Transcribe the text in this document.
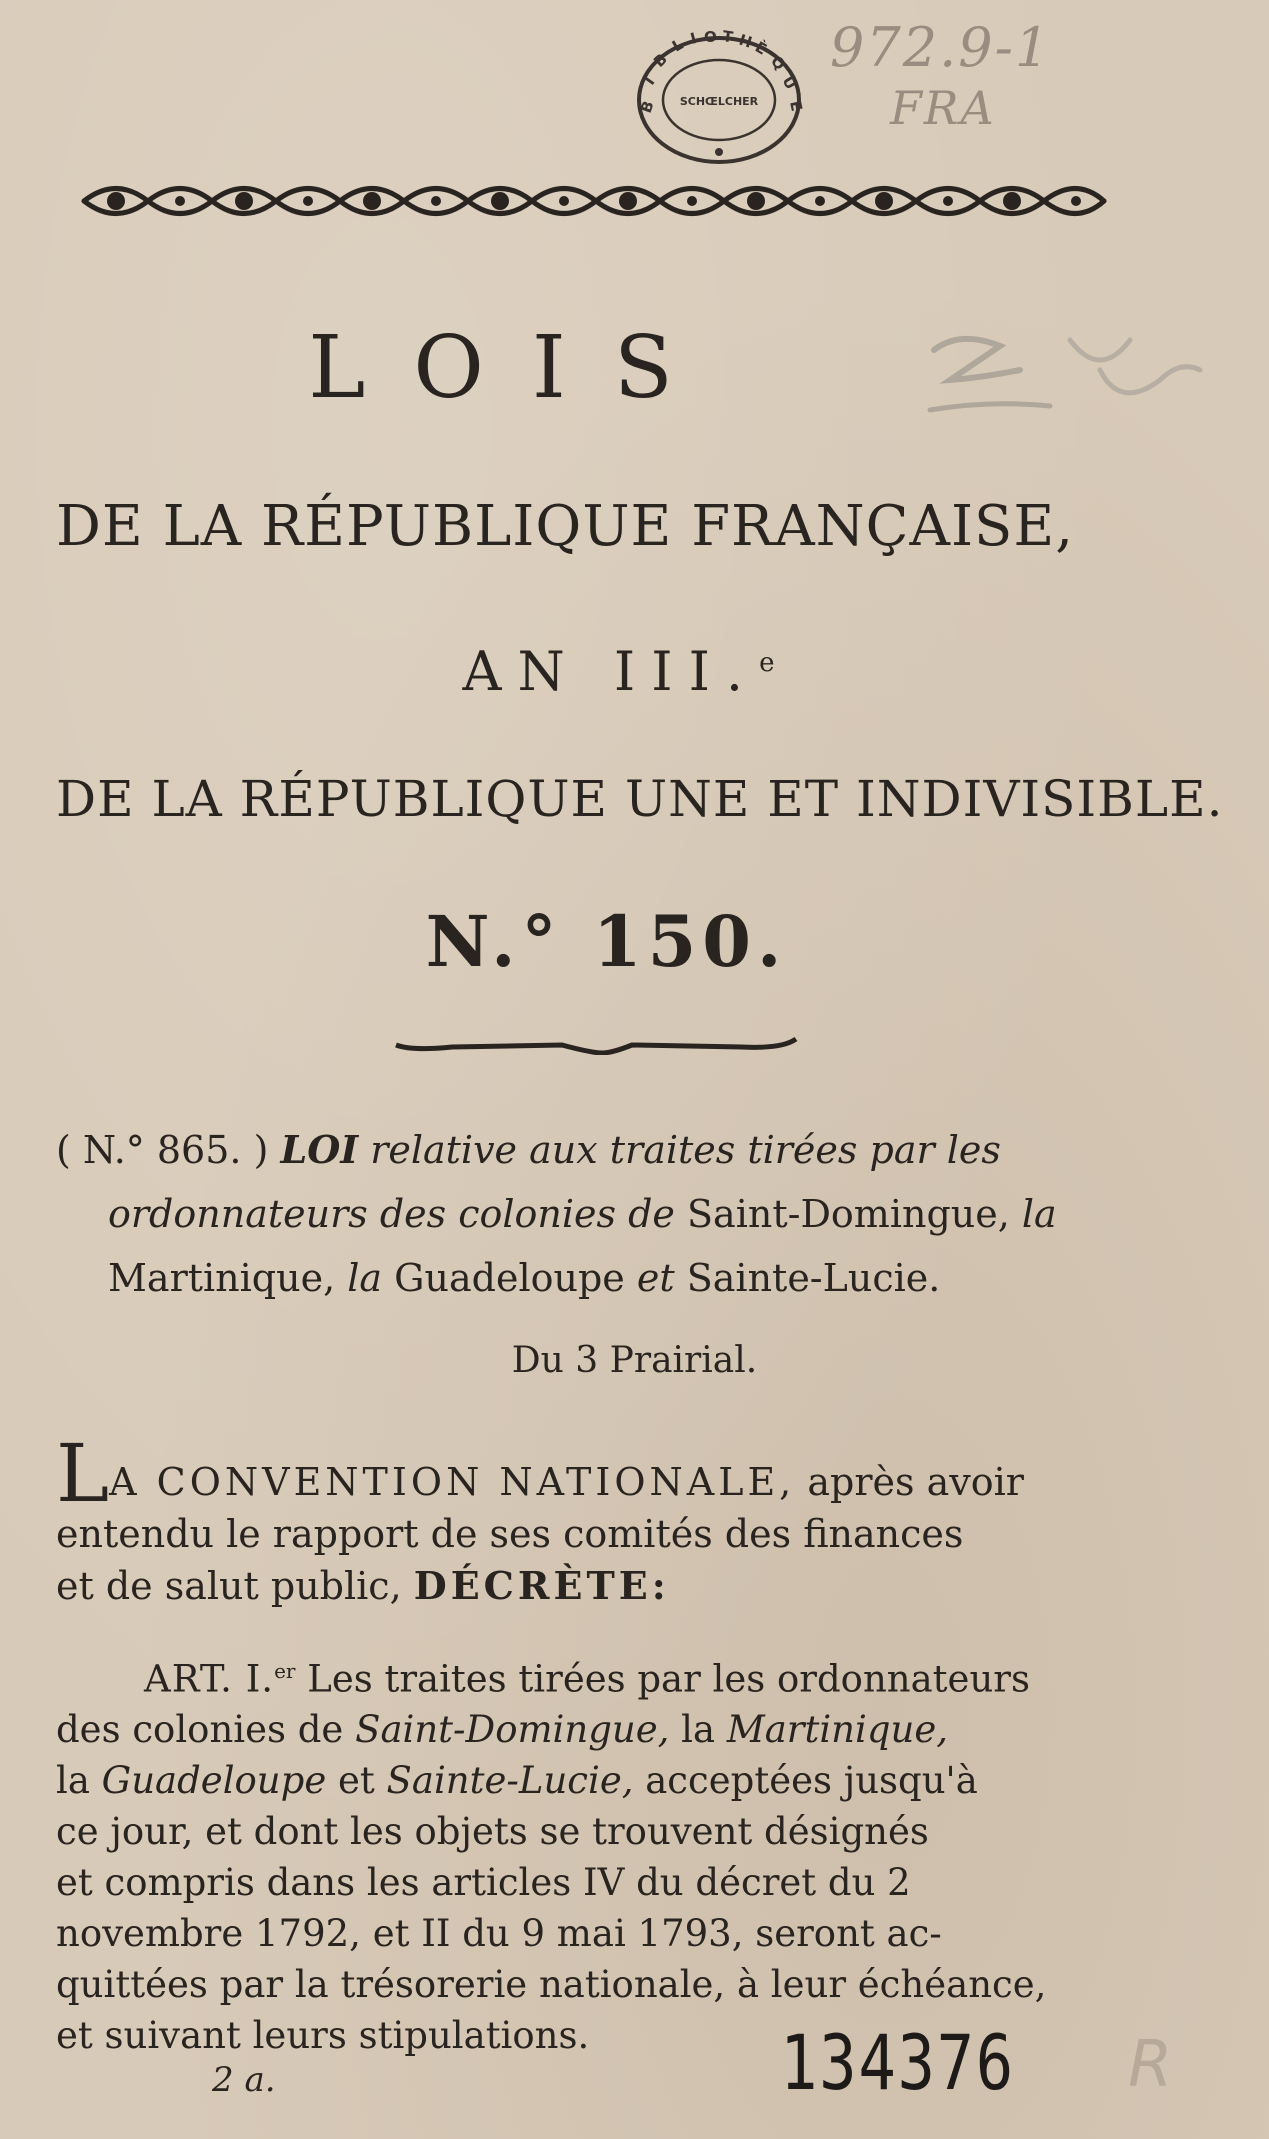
B
I
B
L I O T H
È
Q
U
E
SCHŒLCHER
972.9-1
FRA
LOIS
DE LA RÉPUBLIQUE FRANÇAISE,
AN III.$^e$
DE LA RÉPUBLIQUE UNE ET INDIVISIBLE.
N.° 150.
( N.° 865. ) LOI relative aux traites tirées par les
ordonnateurs des colonies de Saint-Domingue, la
Martinique, la Guadeloupe et Sainte-Lucie.
Du 3 Prairial.
LA CONVENTION NATIONALE, après avoir
entendu le rapport de ses comités des finances
et de salut public, DÉCRÈTE:
ART. I.$^{er}$ Les traites tirées par les ordonnateurs
des colonies de Saint-Domingue, la Martinique,
la Guadeloupe et Sainte-Lucie, acceptées jusqu'à
ce jour, et dont les objets se trouvent désignés
et compris dans les articles IV du décret du 2
novembre 1792, et II du 9 mai 1793, seront ac-
quittées par la trésorerie nationale, à leur échéance,
et suivant leurs stipulations.
2 a.	134376 R
